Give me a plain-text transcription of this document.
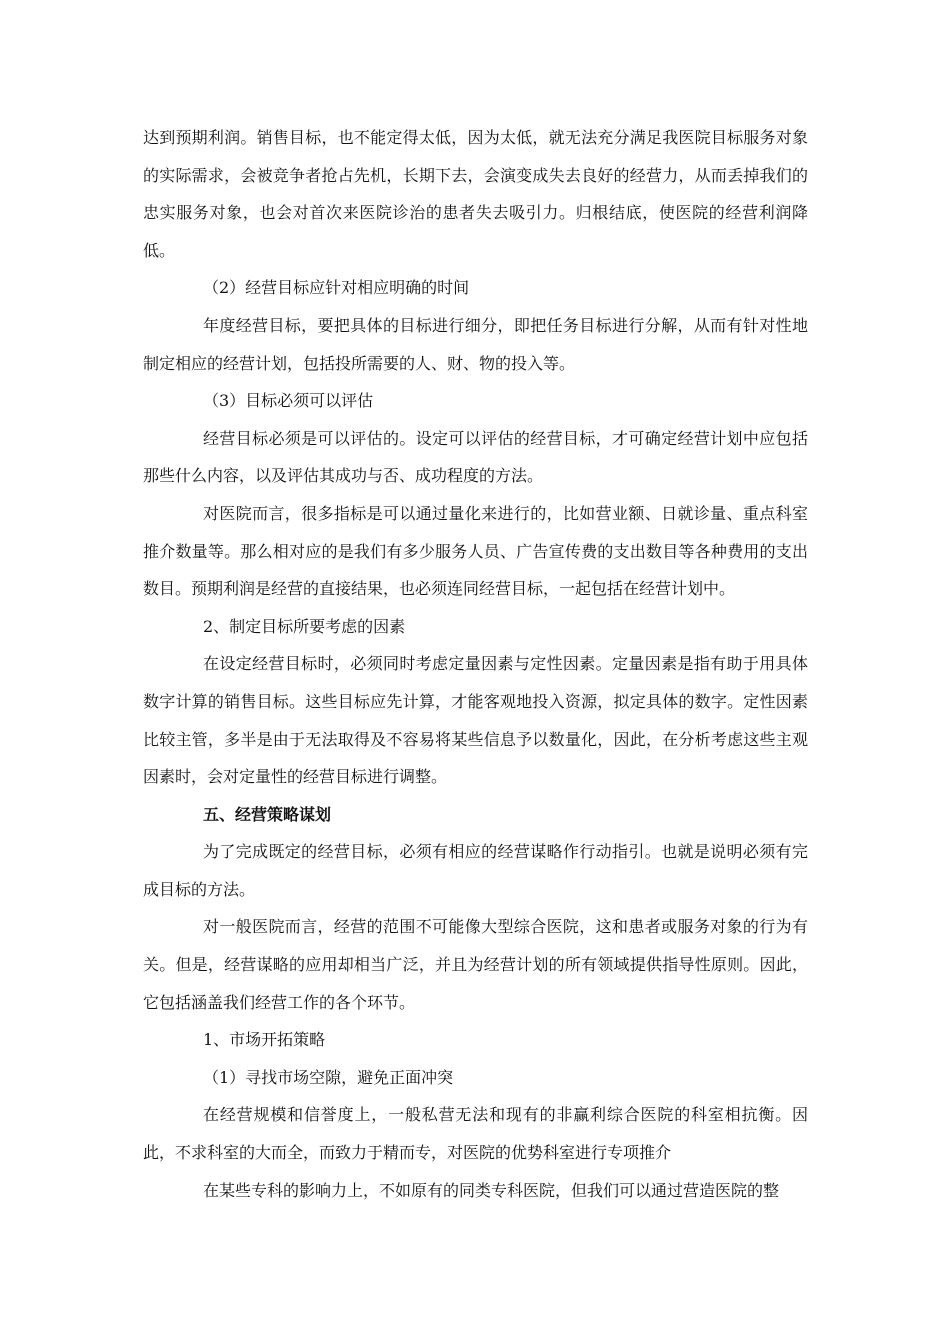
达到预期利润。销售目标，也不能定得太低，因为太低，就无法充分满足我医院目标服务对象的实际需求，会被竞争者抢占先机，长期下去，会演变成失去良好的经营力，从而丢掉我们的忠实服务对象，也会对首次来医院诊治的患者失去吸引力。归根结底，使医院的经营利润降低。

（2）经营目标应针对相应明确的时间

年度经营目标，要把具体的目标进行细分，即把任务目标进行分解，从而有针对性地制定相应的经营计划，包括投所需要的人、财、物的投入等。

（3）目标必须可以评估

经营目标必须是可以评估的。设定可以评估的经营目标，才可确定经营计划中应包括那些什么内容，以及评估其成功与否、成功程度的方法。

对医院而言，很多指标是可以通过量化来进行的，比如营业额、日就诊量、重点科室推介数量等。那么相对应的是我们有多少服务人员、广告宣传费的支出数目等各种费用的支出数目。预期利润是经营的直接结果，也必须连同经营目标，一起包括在经营计划中。

2、制定目标所要考虑的因素

在设定经营目标时，必须同时考虑定量因素与定性因素。定量因素是指有助于用具体数字计算的销售目标。这些目标应先计算，才能客观地投入资源，拟定具体的数字。定性因素比较主管，多半是由于无法取得及不容易将某些信息予以数量化，因此，在分析考虑这些主观因素时，会对定量性的经营目标进行调整。

五、经营策略谋划

为了完成既定的经营目标，必须有相应的经营谋略作行动指引。也就是说明必须有完成目标的方法。

对一般医院而言，经营的范围不可能像大型综合医院，这和患者或服务对象的行为有关。但是，经营谋略的应用却相当广泛，并且为经营计划的所有领域提供指导性原则。因此，它包括涵盖我们经营工作的各个环节。

1、市场开拓策略

（1）寻找市场空隙，避免正面冲突

在经营规模和信誉度上，一般私营无法和现有的非赢利综合医院的科室相抗衡。因此，不求科室的大而全，而致力于精而专，对医院的优势科室进行专项推介

在某些专科的影响力上，不如原有的同类专科医院，但我们可以通过营造医院的整
